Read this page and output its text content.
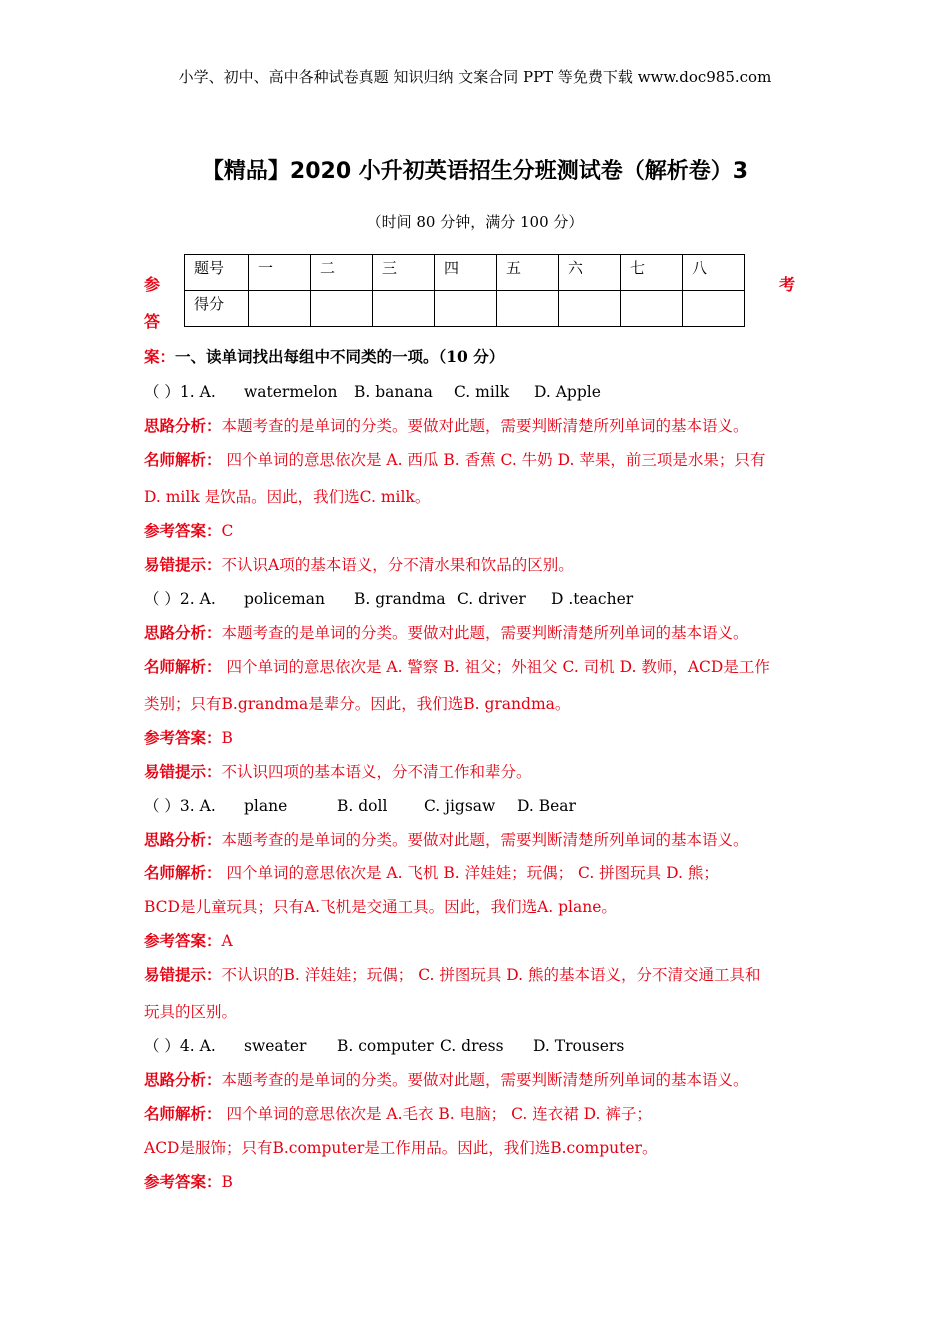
小学、初中、高中各种试卷真题 知识归纳 文案合同 PPT 等免费下载 www.doc985.com
【精品】2020 小升初英语招生分班测试卷（解析卷）3
（时间 80 分钟，满分 100 分）
参
答
考
题号	一	二	三	四	五	六	七	八
得分								
案：一、读单词找出每组中不同类的一项。（10 分）
（ ）1. A. watermelon B. banana C. milk D. Apple
思路分析：本题考查的是单词的分类。要做对此题，需要判断清楚所列单词的基本语义。
名师解析： 四个单词的意思依次是 A. 西瓜 B. 香蕉 C. 牛奶 D. 苹果，前三项是水果；只有
D. milk 是饮品。因此，我们选C. milk。
参考答案：C
易错提示：不认识A项的基本语义，分不清水果和饮品的区别。
（ ）2. A. policeman B. grandma C. driver D .teacher
思路分析：本题考查的是单词的分类。要做对此题，需要判断清楚所列单词的基本语义。
名师解析： 四个单词的意思依次是 A. 警察 B. 祖父；外祖父 C. 司机 D. 教师，ACD是工作
类别；只有B.grandma是辈分。因此，我们选B. grandma。
参考答案：B
易错提示：不认识四项的基本语义，分不清工作和辈分。
（ ）3. A. plane	B. doll C. jigsaw D. Bear
思路分析：本题考查的是单词的分类。要做对此题，需要判断清楚所列单词的基本语义。
名师解析： 四个单词的意思依次是 A. 飞机 B. 洋娃娃；玩偶； C. 拼图玩具 D. 熊；
BCD是儿童玩具；只有A.飞机是交通工具。因此，我们选A. plane。
参考答案：A
易错提示：不认识的B. 洋娃娃；玩偶； C. 拼图玩具 D. 熊的基本语义，分不清交通工具和
玩具的区别。
（ ）4. A. sweater B. computer C. dress D. Trousers
思路分析：本题考查的是单词的分类。要做对此题，需要判断清楚所列单词的基本语义。
名师解析： 四个单词的意思依次是 A.毛衣 B. 电脑； C. 连衣裙 D. 裤子；
ACD是服饰；只有B.computer是工作用品。因此，我们选B.computer。
参考答案：B
